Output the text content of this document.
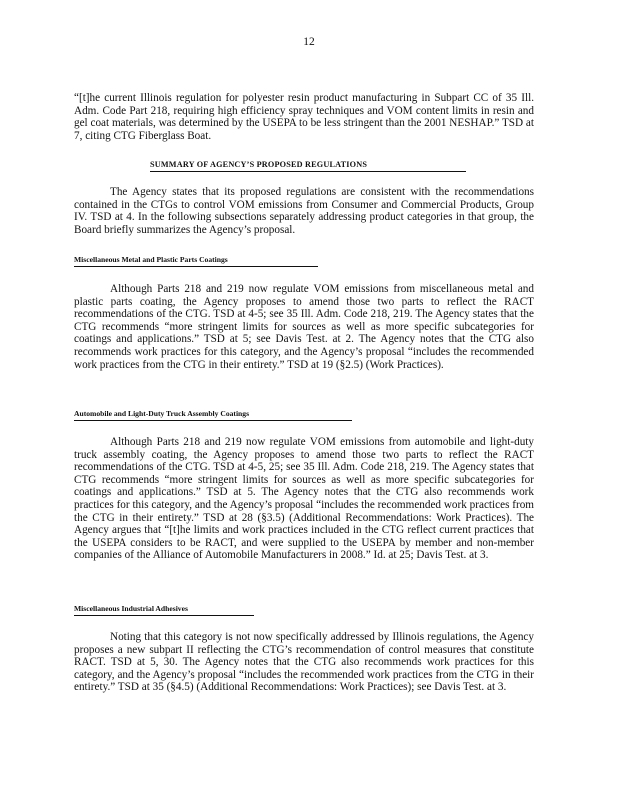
12
“[t]he current Illinois regulation for polyester resin product manufacturing in Subpart CC of 35 Ill. Adm. Code Part 218, requiring high efficiency spray techniques and VOM content limits in resin and gel coat materials, was determined by the USEPA to be less stringent than the 2001 NESHAP.” TSD at 7, citing CTG Fiberglass Boat.
SUMMARY OF AGENCY’S PROPOSED REGULATIONS
The Agency states that its proposed regulations are consistent with the recommendations contained in the CTGs to control VOM emissions from Consumer and Commercial Products, Group IV. TSD at 4. In the following subsections separately addressing product categories in that group, the Board briefly summarizes the Agency’s proposal.
Miscellaneous Metal and Plastic Parts Coatings
Although Parts 218 and 219 now regulate VOM emissions from miscellaneous metal and plastic parts coating, the Agency proposes to amend those two parts to reflect the RACT recommendations of the CTG. TSD at 4-5; see 35 Ill. Adm. Code 218, 219. The Agency states that the CTG recommends “more stringent limits for sources as well as more specific subcategories for coatings and applications.” TSD at 5; see Davis Test. at 2. The Agency notes that the CTG also recommends work practices for this category, and the Agency’s proposal “includes the recommended work practices from the CTG in their entirety.” TSD at 19 (§2.5) (Work Practices).
Automobile and Light-Duty Truck Assembly Coatings
Although Parts 218 and 219 now regulate VOM emissions from automobile and light-duty truck assembly coating, the Agency proposes to amend those two parts to reflect the RACT recommendations of the CTG. TSD at 4-5, 25; see 35 Ill. Adm. Code 218, 219. The Agency states that CTG recommends “more stringent limits for sources as well as more specific subcategories for coatings and applications.” TSD at 5. The Agency notes that the CTG also recommends work practices for this category, and the Agency’s proposal “includes the recommended work practices from the CTG in their entirety.” TSD at 28 (§3.5) (Additional Recommendations: Work Practices). The Agency argues that “[t]he limits and work practices included in the CTG reflect current practices that the USEPA considers to be RACT, and were supplied to the USEPA by member and non-member companies of the Alliance of Automobile Manufacturers in 2008.” Id. at 25; Davis Test. at 3.
Miscellaneous Industrial Adhesives
Noting that this category is not now specifically addressed by Illinois regulations, the Agency proposes a new subpart II reflecting the CTG’s recommendation of control measures that constitute RACT. TSD at 5, 30. The Agency notes that the CTG also recommends work practices for this category, and the Agency’s proposal “includes the recommended work practices from the CTG in their entirety.” TSD at 35 (§4.5) (Additional Recommendations: Work Practices); see Davis Test. at 3.
